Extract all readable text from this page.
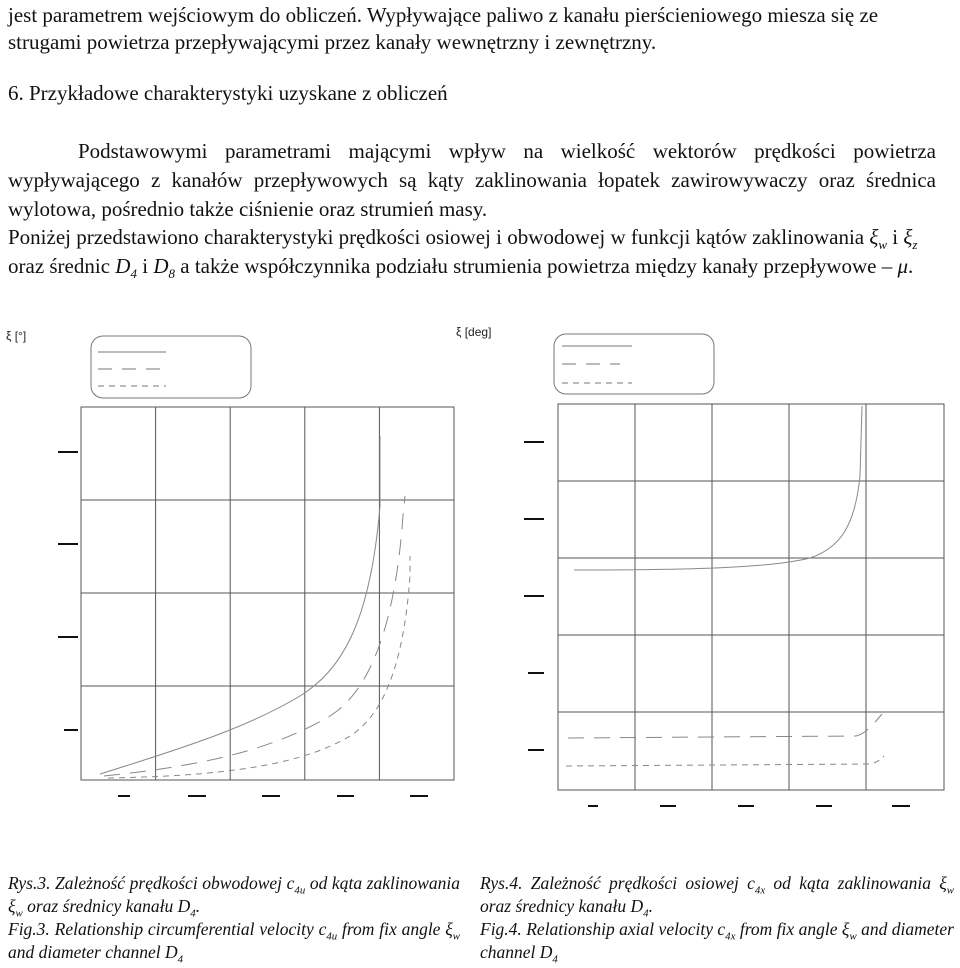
jest parametrem wejściowym do obliczeń. Wypływające paliwo z kanału pierścieniowego miesza się ze strugami powietrza przepływającymi przez kanały wewnętrzny i zewnętrzny.
6. Przykładowe charakterystyki uzyskane z obliczeń

Podstawowymi parametrami mającymi wpływ na wielkość wektorów prędkości powietrza wypływającego z kanałów przepływowych są kąty zaklinowania łopatek zawirowywaczy oraz średnica wylotowa, pośrednio także ciśnienie oraz strumień masy.

Poniżej przedstawiono charakterystyki prędkości osiowej i obwodowej w funkcji kątów zaklinowania $\xi_w$ i $\xi_z$ oraz średnic $D_4$ i $D_8$ a także współczynnika podziału strumienia powietrza między kanały przepływowe – μ.

ξ [°]	ξ [deg]
Rys.3. Zależność prędkości obwodowej $c_{4u}$ od kąta zaklinowania $\xi_w$ oraz średnicy kanału $D_4$.
Fig.3. Relationship circumferential velocity $c_{4u}$ from fix angle $\xi_w$ and diameter channel $D_4$
Rys.4. Zależność prędkości osiowej $c_{4x}$ od kąta zaklinowania $\xi_w$ oraz średnicy kanału $D_4$.
Fig.4. Relationship axial velocity $c_{4x}$ from fix angle $\xi_w$ and diameter channel $D_4$
